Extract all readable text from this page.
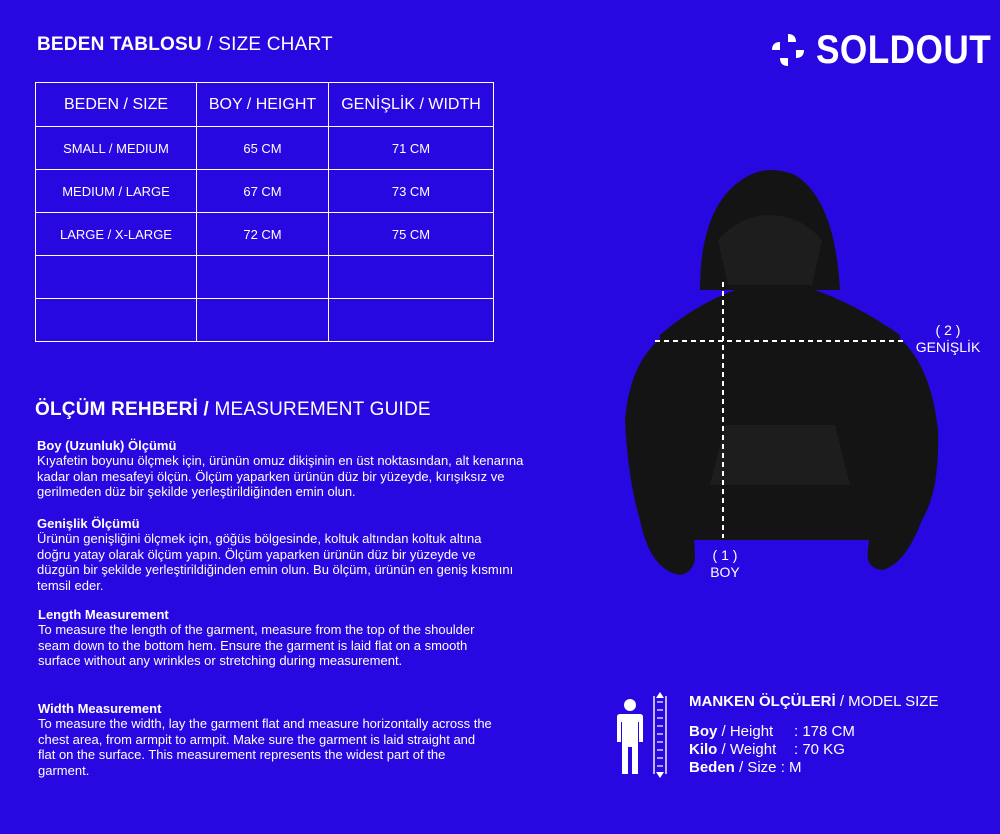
BEDEN TABLOSU / SIZE CHART	SOLDOUT
BEDEN / SIZE	BOY / HEIGHT	GENİŞLİK / WIDTH
SMALL / MEDIUM	65 CM	71 CM
MEDIUM / LARGE	67 CM	73 CM
LARGE / X-LARGE	72 CM	75 CM

ÖLÇÜM REHBERİ / MEASUREMENT GUIDE
Boy (Uzunluk) Ölçümü
Kıyafetin boyunu ölçmek için, ürünün omuz dikişinin en üst noktasından, alt kenarına kadar olan mesafeyi ölçün. Ölçüm yaparken ürünün düz bir yüzeyde, kırışıksız ve gerilmeden düz bir şekilde yerleştirildiğinden emin olun.
Genişlik Ölçümü
Ürünün genişliğini ölçmek için, göğüs bölgesinde, koltuk altından koltuk altına doğru yatay olarak ölçüm yapın. Ölçüm yaparken ürünün düz bir yüzeyde ve düzgün bir şekilde yerleştirildiğinden emin olun. Bu ölçüm, ürünün en geniş kısmını temsil eder.
Length Measurement
To measure the length of the garment, measure from the top of the shoulder seam down to the bottom hem. Ensure the garment is laid flat on a smooth surface without any wrinkles or stretching during measurement.
Width Measurement
To measure the width, lay the garment flat and measure horizontally across the chest area, from armpit to armpit. Make sure the garment is laid straight and flat on the surface. This measurement represents the widest part of the garment.
( 2 )
GENİŞLİK
( 1 )
BOY
MANKEN ÖLÇÜLERİ / MODEL SIZE
Boy / Height : 178 CM
Kilo / Weight : 70 KG
Beden / Size : M
